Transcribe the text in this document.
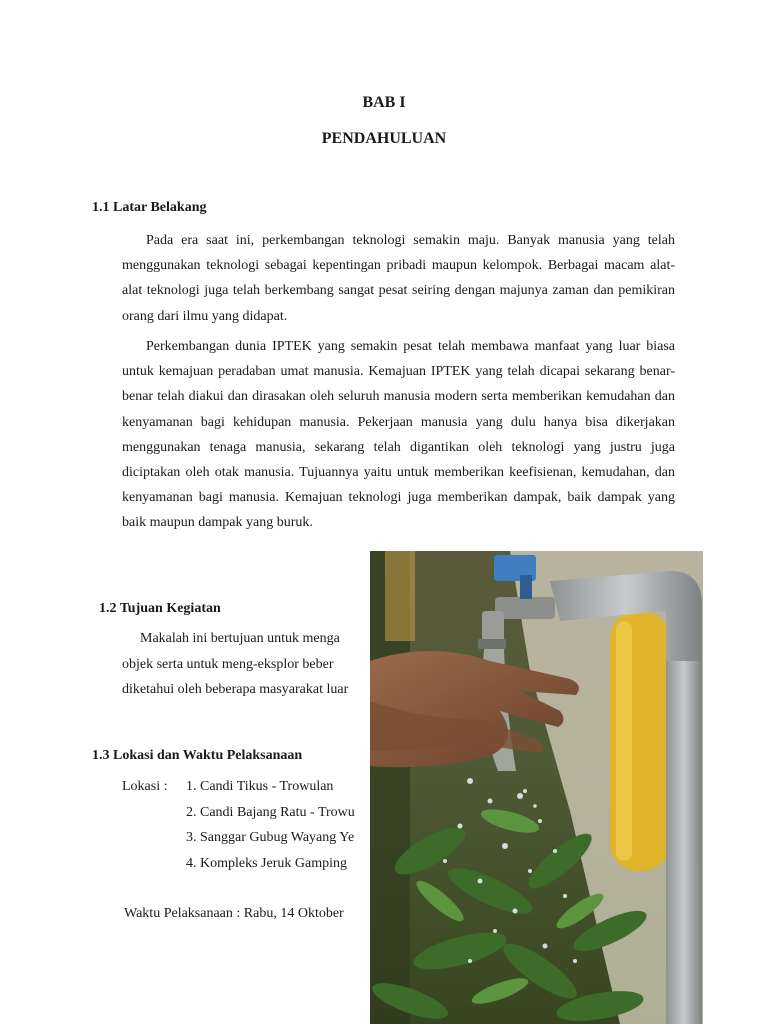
BAB I
PENDAHULUAN
1.1 Latar Belakang

Pada era saat ini, perkembangan teknologi semakin maju. Banyak manusia yang telah menggunakan teknologi sebagai kepentingan pribadi maupun kelompok. Berbagai macam alat-alat teknologi juga telah berkembang sangat pesat seiring dengan majunya zaman dan pemikiran orang dari ilmu yang didapat.

Perkembangan dunia IPTEK yang semakin pesat telah membawa manfaat yang luar biasa untuk kemajuan peradaban umat manusia. Kemajuan IPTEK yang telah dicapai sekarang benar-benar telah diakui dan dirasakan oleh seluruh manusia modern serta memberikan kemudahan dan kenyamanan bagi kehidupan manusia. Pekerjaan manusia yang dulu hanya bisa dikerjakan menggunakan tenaga manusia, sekarang telah digantikan oleh teknologi yang justru juga diciptakan oleh otak manusia. Tujuannya yaitu untuk memberikan keefisienan, kemudahan, dan kenyamanan bagi manusia. Kemajuan teknologi juga memberikan dampak, baik dampak yang baik maupun dampak yang buruk.

1.2 Tujuan Kegiatan
Makalah ini bertujuan untuk menga
objek serta untuk meng-eksplor beber
diketahui oleh beberapa masyarakat luar
1.3 Lokasi dan Waktu Pelaksanaan
Lokasi : 1. Candi Tikus - Trowulan
2. Candi Bajang Ratu - Trowu
3. Sanggar Gubug Wayang Ye
4. Kompleks Jeruk Gamping
Waktu Pelaksanaan : Rabu, 14 Oktober
